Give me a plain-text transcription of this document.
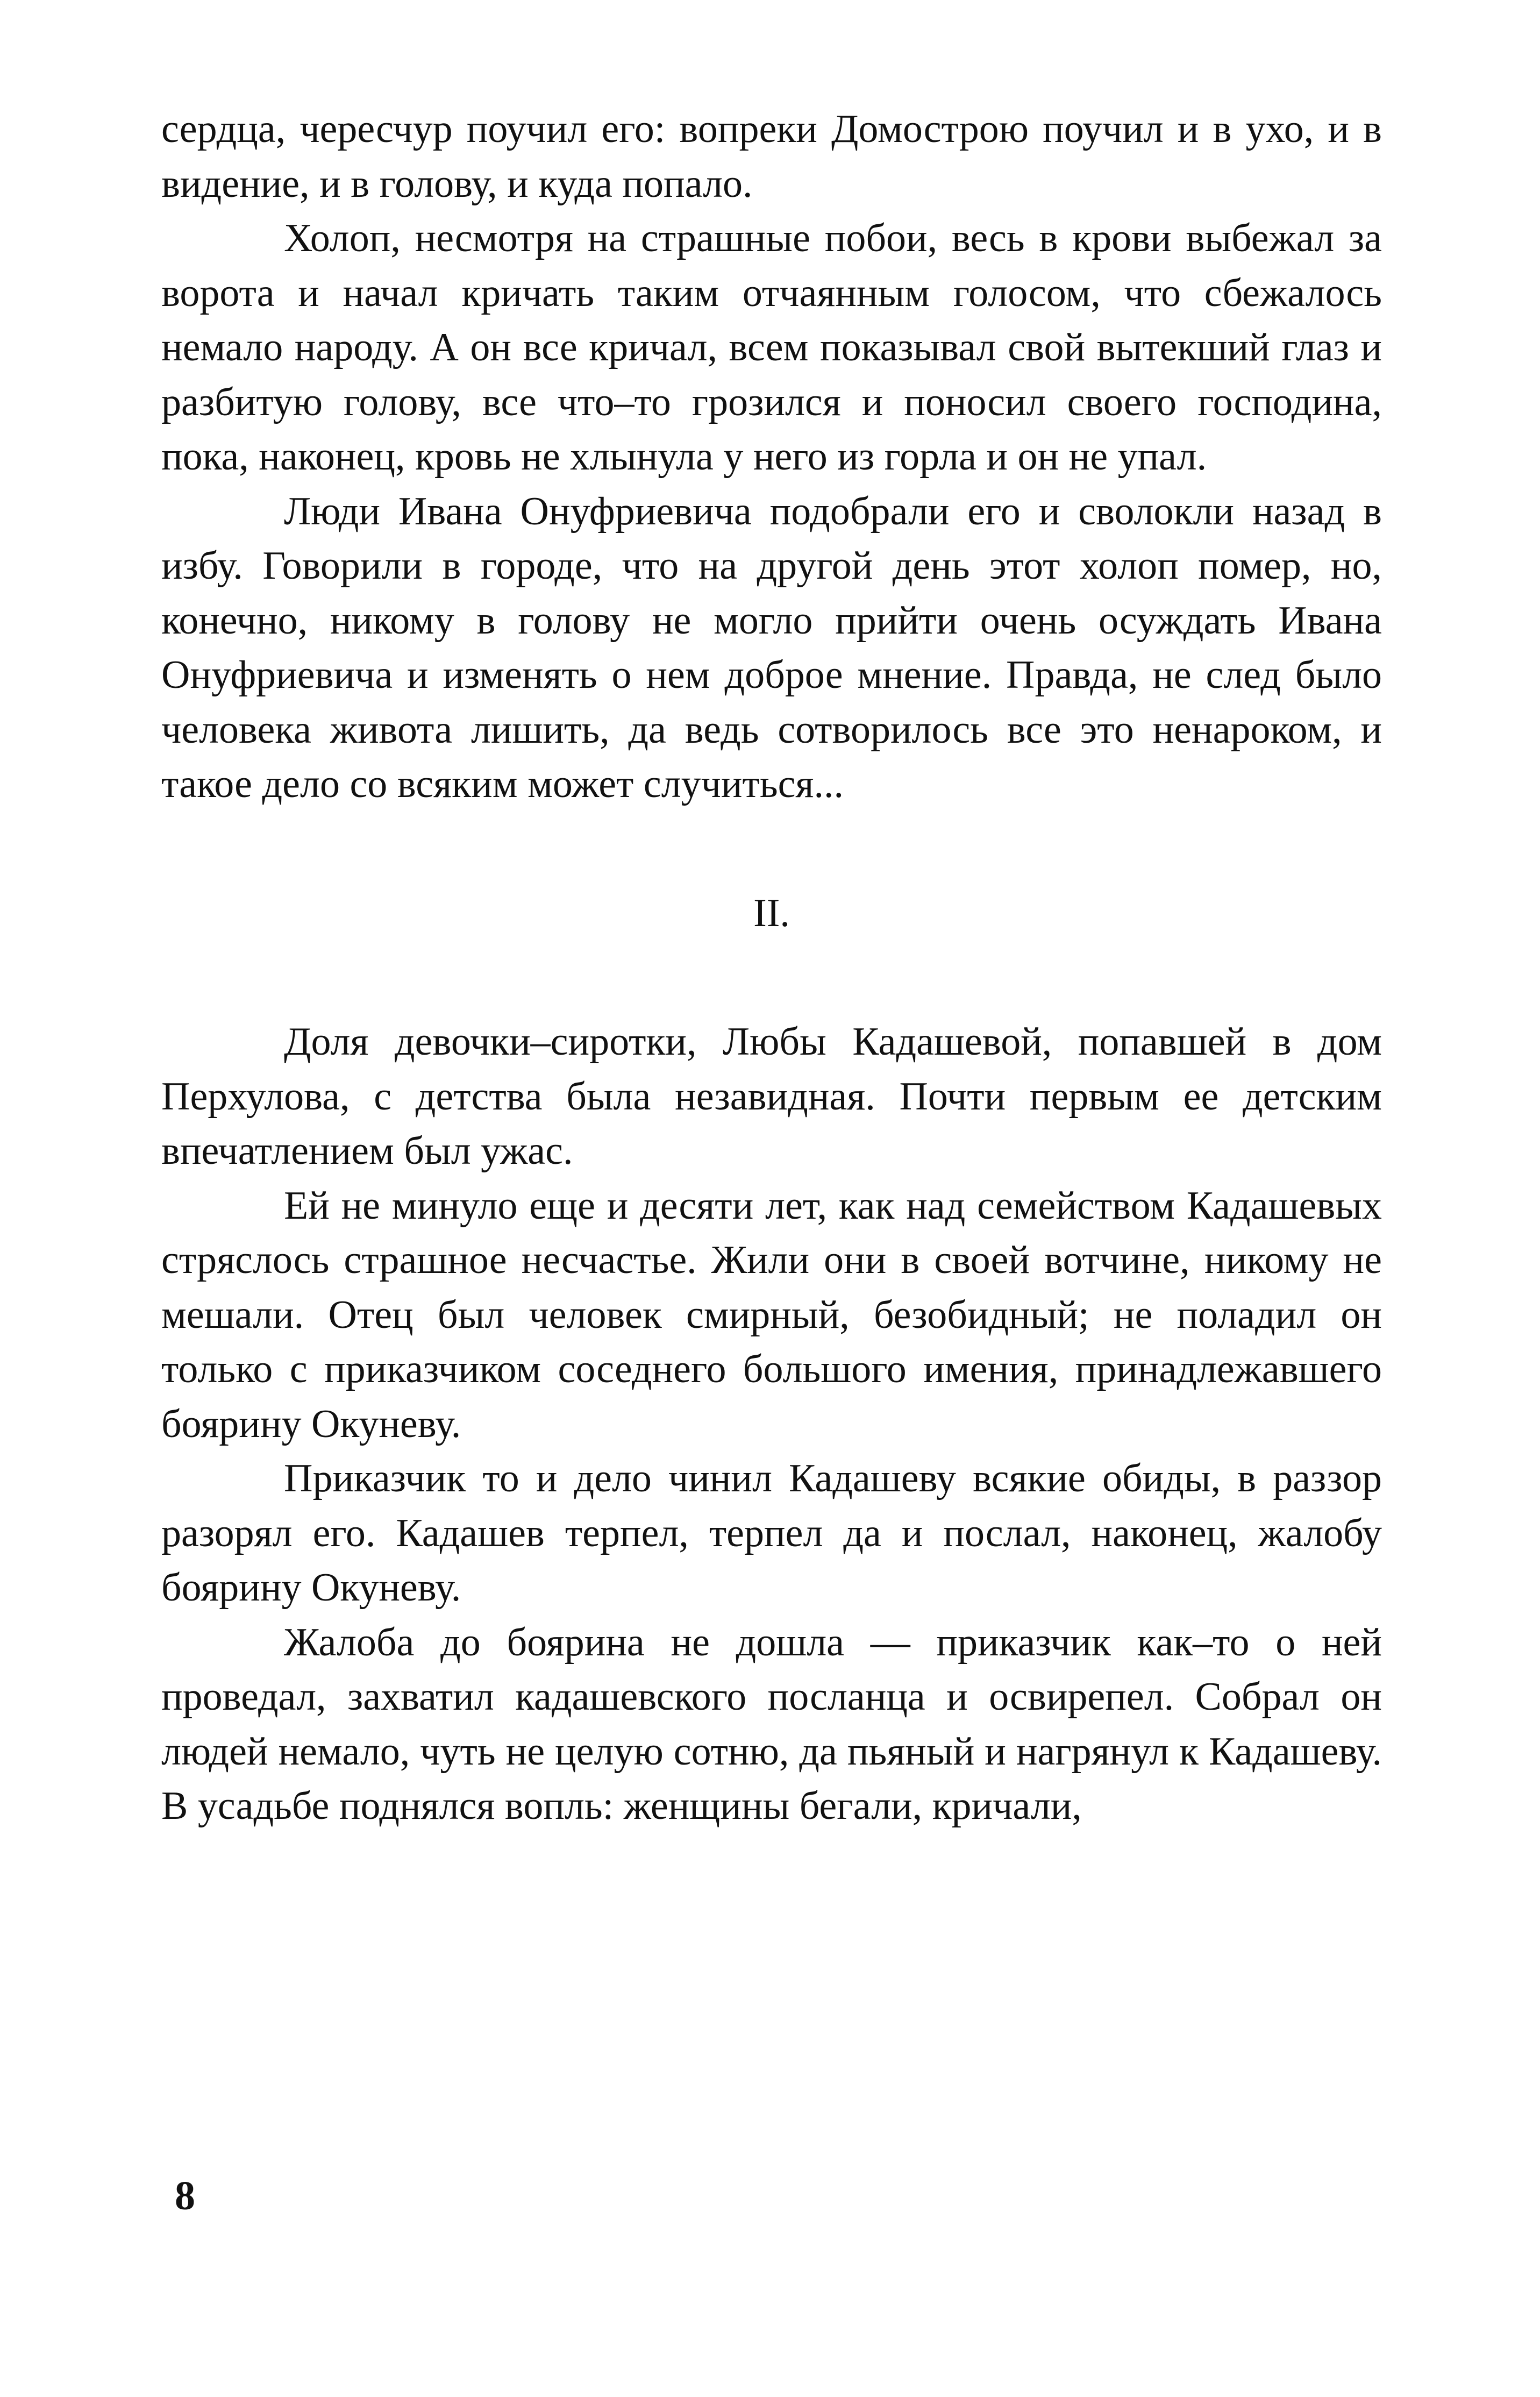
сердца, чересчур поучил его: вопреки Домострою поучил и в ухо, и в видение, и в голову, и куда попало.

Холоп, несмотря на страшные побои, весь в крови выбежал за ворота и начал кричать таким отчаянным голосом, что сбежалось немало народу. А он все кричал, всем показывал свой вытекший глаз и разбитую голову, все что–то грозился и поносил своего господина, пока, наконец, кровь не хлынула у него из горла и он не упал.

Люди Ивана Онуфриевича подобрали его и сволокли назад в избу. Говорили в городе, что на другой день этот холоп помер, но, конечно, никому в голову не могло прийти очень осуждать Ивана Онуфриевича и изменять о нем доброе мнение. Правда, не след было человека живота лишить, да ведь сотворилось все это ненароком, и такое дело со всяким может случиться...

II.

Доля девочки–сиротки, Любы Кадашевой, попавшей в дом Перхулова, с детства была незавидная. Почти первым ее детским впечатлением был ужас.

Ей не минуло еще и десяти лет, как над семейством Кадашевых стряслось страшное несчастье. Жили они в своей вотчине, никому не мешали. Отец был человек смирный, безобидный; не поладил он только с приказчиком соседнего большого имения, принадлежавшего боярину Окуневу.

Приказчик то и дело чинил Кадашеву всякие обиды, в раззор разорял его. Кадашев терпел, терпел да и послал, наконец, жалобу боярину Окуневу.

Жалоба до боярина не дошла — приказчик как–то о ней проведал, захватил кадашевского посланца и освирепел. Собрал он людей немало, чуть не целую сотню, да пьяный и нагрянул к Кадашеву. В усадьбе поднялся вопль: женщины бегали, кричали,

8
